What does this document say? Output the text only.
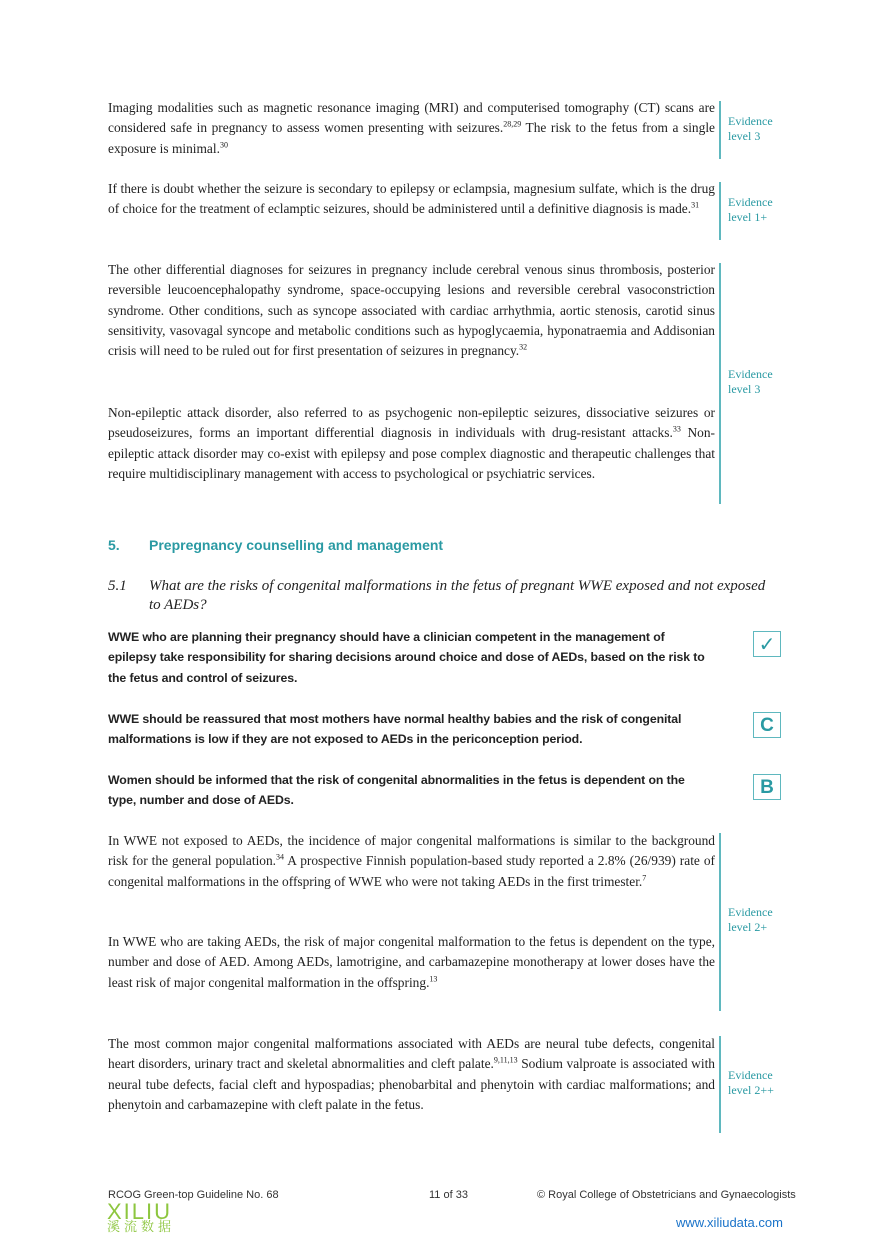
Imaging modalities such as magnetic resonance imaging (MRI) and computerised tomography (CT) scans are considered safe in pregnancy to assess women presenting with seizures.$^{28,29}$ The risk to the fetus from a single exposure is minimal.$^{30}$
Evidence
level 3
If there is doubt whether the seizure is secondary to epilepsy or eclampsia, magnesium sulfate, which is the drug of choice for the treatment of eclamptic seizures, should be administered until a definitive diagnosis is made.$^{31}$	Evidence
level 1+
The other differential diagnoses for seizures in pregnancy include cerebral venous sinus thrombosis, posterior reversible leucoencephalopathy syndrome, space-occupying lesions and reversible cerebral vasoconstriction syndrome. Other conditions, such as syncope associated with cardiac arrhythmia, aortic stenosis, carotid sinus sensitivity, vasovagal syncope and metabolic conditions such as hypoglycaemia, hyponatraemia and Addisonian crisis will need to be ruled out for first presentation of seizures in pregnancy.$^{32}$
Non-epileptic attack disorder, also referred to as psychogenic non-epileptic seizures, dissociative seizures or pseudoseizures, forms an important differential diagnosis in individuals with drug-resistant attacks.$^{33}$ Non-epileptic attack disorder may co-exist with epilepsy and pose complex diagnostic and therapeutic challenges that require multidisciplinary management with access to psychological or psychiatric services.
Evidence
level 3
5. Prepregnancy counselling and management
5.1 What are the risks of congenital malformations in the fetus of pregnant WWE exposed and not exposed to AEDs?
WWE who are planning their pregnancy should have a clinician competent in the management of epilepsy take responsibility for sharing decisions around choice and dose of AEDs, based on the risk to the fetus and control of seizures.
✓
WWE should be reassured that most mothers have normal healthy babies and the risk of congenital malformations is low if they are not exposed to AEDs in the periconception period.
C
Women should be informed that the risk of congenital abnormalities in the fetus is dependent on the type, number and dose of AEDs.
B
In WWE not exposed to AEDs, the incidence of major congenital malformations is similar to the background risk for the general population.$^{34}$ A prospective Finnish population-based study reported a 2.8% (26/939) rate of congenital malformations in the offspring of WWE who were not taking AEDs in the first trimester.$^7$
In WWE who are taking AEDs, the risk of major congenital malformation to the fetus is dependent on the type, number and dose of AED. Among AEDs, lamotrigine, and carbamazepine monotherapy at lower doses have the least risk of major congenital malformation in the offspring.$^{13}$
Evidence
level 2+
The most common major congenital malformations associated with AEDs are neural tube defects, congenital heart disorders, urinary tract and skeletal abnormalities and cleft palate.$^{9,11,13}$ Sodium valproate is associated with neural tube defects, facial cleft and hypospadias; phenobarbital and phenytoin with cardiac malformations; and phenytoin and carbamazepine with cleft palate in the fetus.
Evidence
level 2++
RCOG Green-top Guideline No. 68	11 of 33	© Royal College of Obstetricians and Gynaecologists
XILIU
溪流数据	www.xiliudata.com
